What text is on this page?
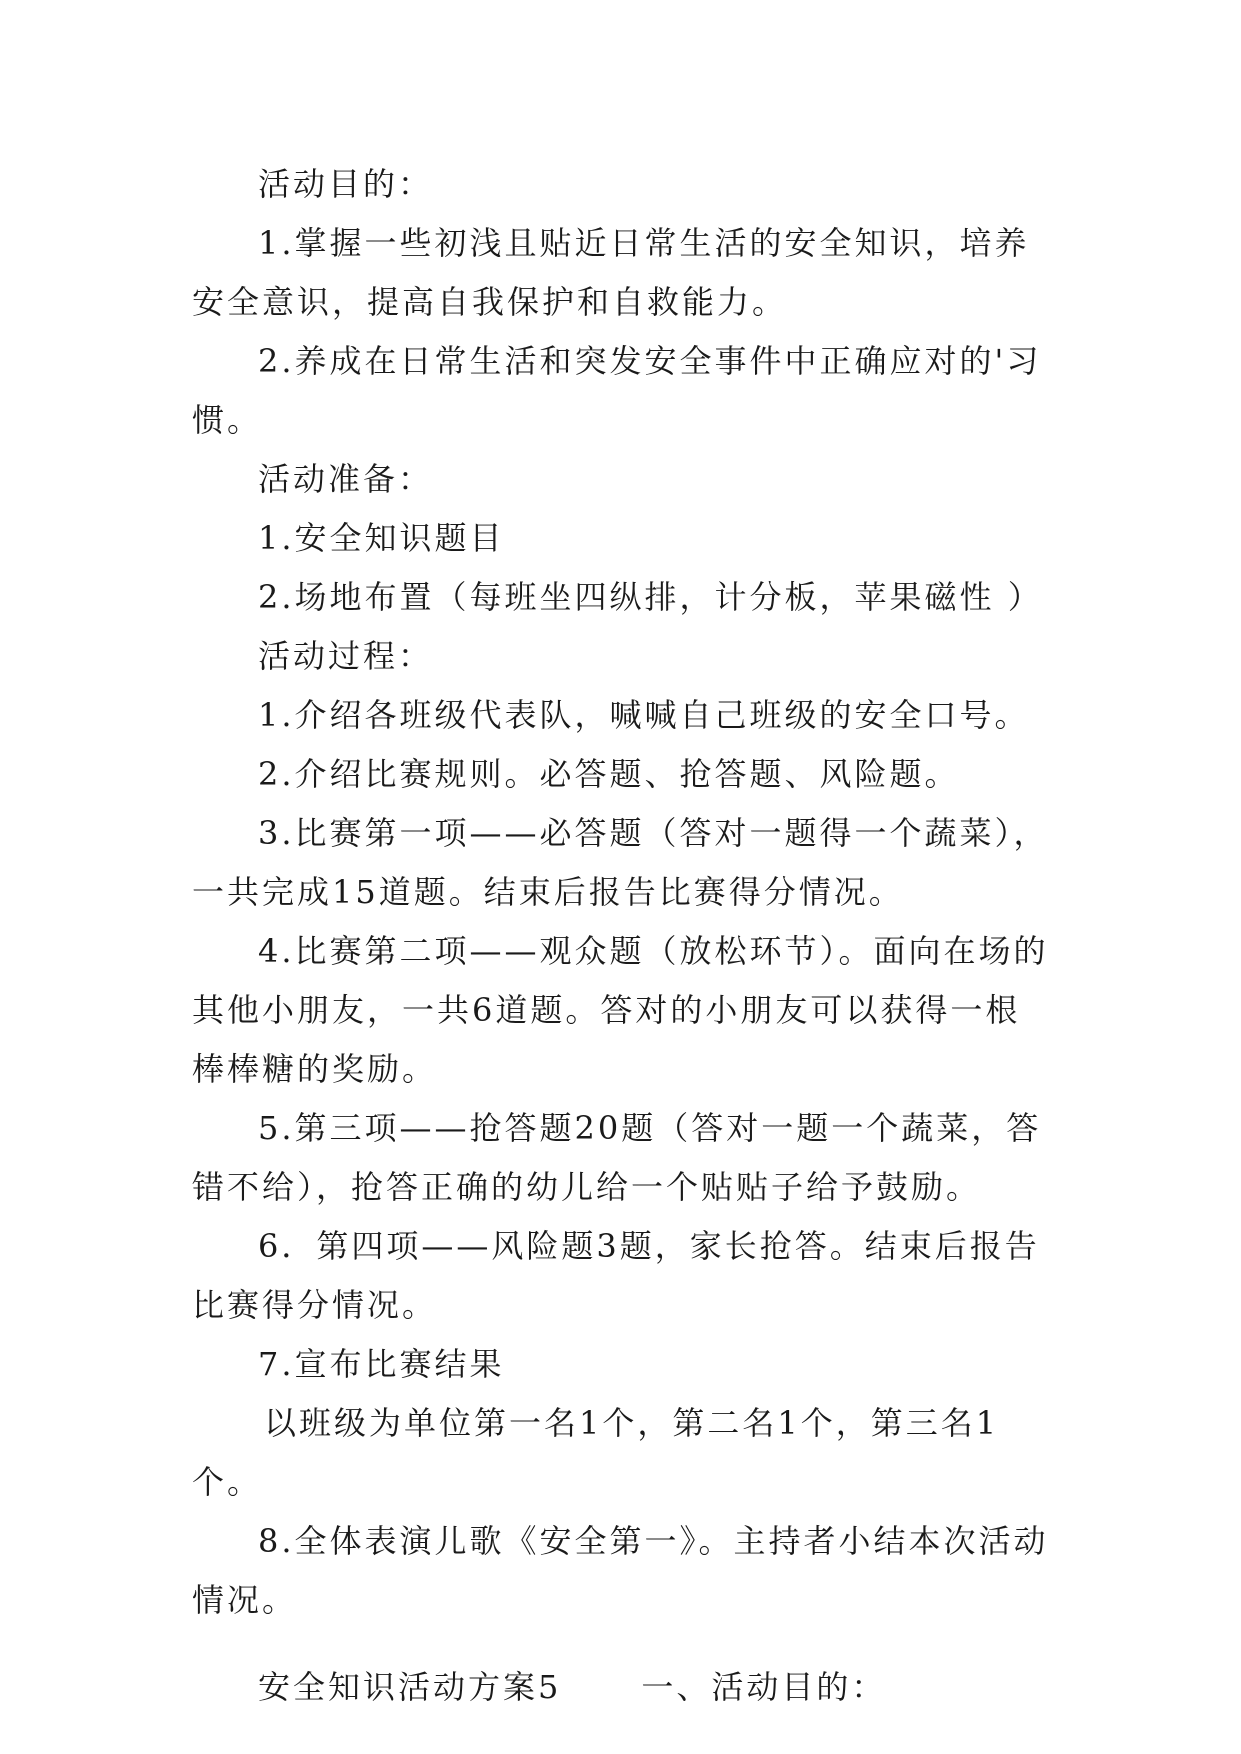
活动目的：

1.掌握一些初浅且贴近日常生活的安全知识，培养安全意识，提高自我保护和自救能力。

2.养成在日常生活和突发安全事件中正确应对的'习惯。

活动准备：

1.安全知识题目

2.场地布置（每班坐四纵排，计分板，苹果磁性 ）

活动过程：

1.介绍各班级代表队，喊喊自己班级的安全口号。

2.介绍比赛规则。必答题、抢答题、风险题。

3.比赛第一项——必答题（答对一题得一个蔬菜），一共完成15道题。结束后报告比赛得分情况。

4.比赛第二项——观众题（放松环节）。面向在场的其他小朋友，一共6道题。答对的小朋友可以获得一根棒棒糖的奖励。

5.第三项——抢答题20题（答对一题一个蔬菜，答错不给），抢答正确的幼儿给一个贴贴子给予鼓励。

6．第四项——风险题3题，家长抢答。结束后报告比赛得分情况。

7.宣布比赛结果

以班级为单位第一名1个，第二名1个，第三名1个。

8.全体表演儿歌《安全第一》。主持者小结本次活动情况。

安全知识活动方案5	一、活动目的：
